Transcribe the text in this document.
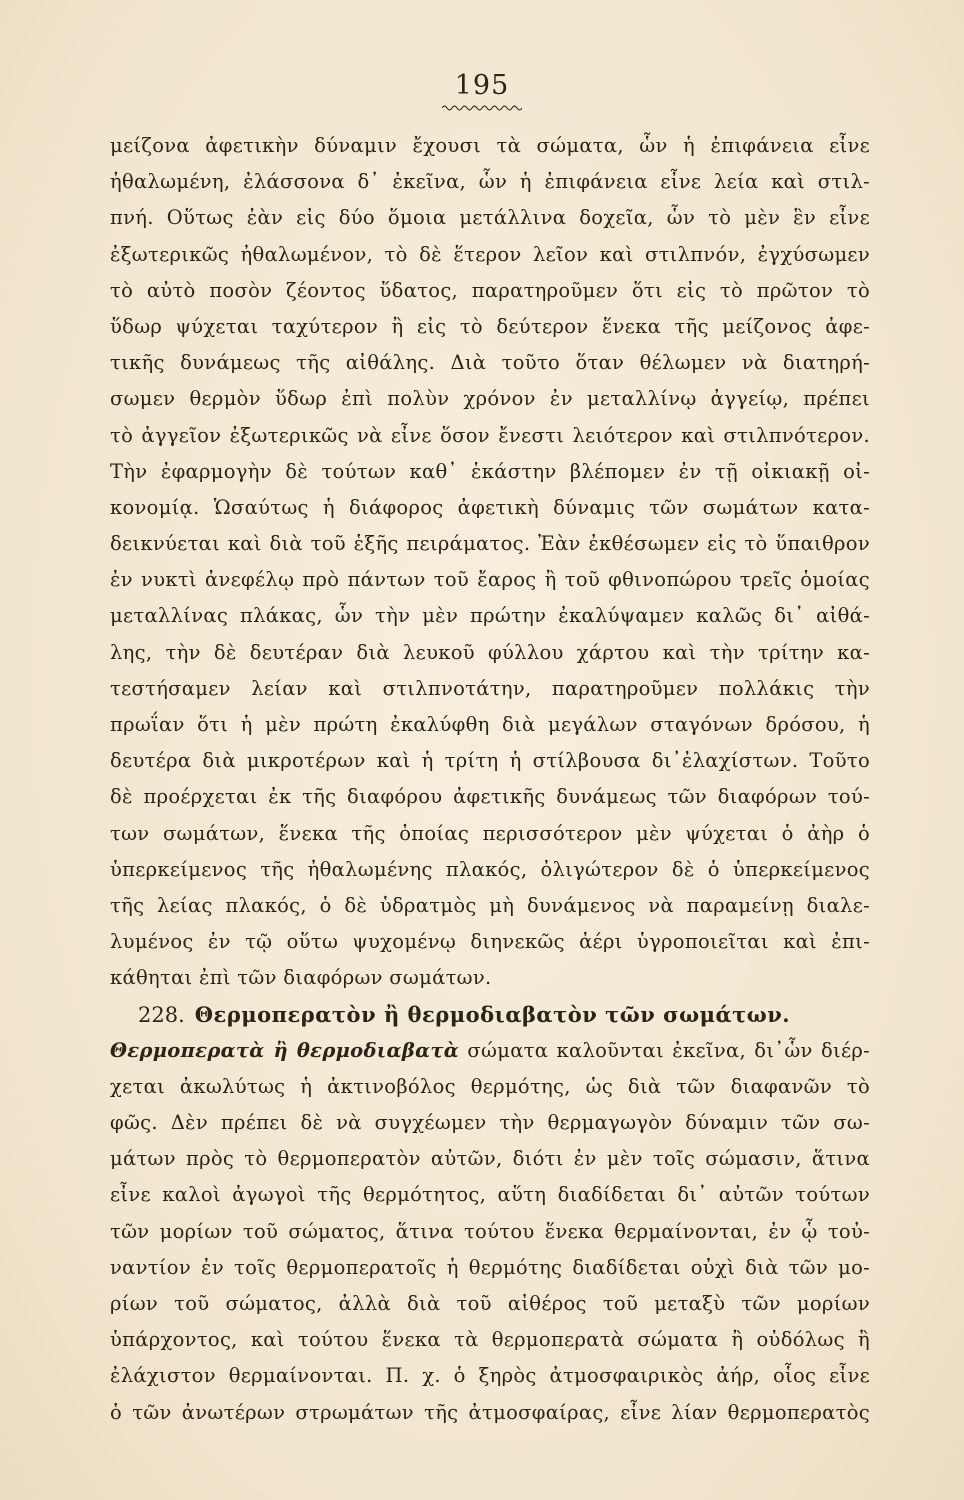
195
μείζονα ἀφετικὴν δύναμιν ἔχουσι τὰ σώματα, ὧν ἡ ἐπιφάνεια εἶνε
ἠθαλωμένη, ἐλάσσονα δ᾽ ἐκεῖνα, ὧν ἡ ἐπιφάνεια εἶνε λεία καὶ στιλ-
πνή. Οὕτως ἐὰν εἰς δύο ὅμοια μετάλλινα δοχεῖα, ὧν τὸ μὲν ἓν εἶνε
ἐξωτερικῶς ἠθαλωμένον, τὸ δὲ ἕτερον λεῖον καὶ στιλπνόν, ἐγχύσωμεν
τὸ αὐτὸ ποσὸν ζέοντος ὕδατος, παρατηροῦμεν ὅτι εἰς τὸ πρῶτον τὸ
ὕδωρ ψύχεται ταχύτερον ἢ εἰς τὸ δεύτερον ἕνεκα τῆς μείζονος ἀφε-
τικῆς δυνάμεως τῆς αἰθάλης. Διὰ τοῦτο ὅταν θέλωμεν νὰ διατηρή-
σωμεν θερμὸν ὕδωρ ἐπὶ πολὺν χρόνον ἐν μεταλλίνῳ ἀγγείῳ, πρέπει
τὸ ἀγγεῖον ἐξωτερικῶς νὰ εἶνε ὅσον ἔνεστι λειότερον καὶ στιλπνότερον.
Τὴν ἐφαρμογὴν δὲ τούτων καθ᾽ ἑκάστην βλέπομεν ἐν τῇ οἰκιακῇ οἰ-
κονομίᾳ. Ὡσαύτως ἡ διάφορος ἀφετικὴ δύναμις τῶν σωμάτων κατα-
δεικνύεται καὶ διὰ τοῦ ἑξῆς πειράματος. Ἐὰν ἐκθέσωμεν εἰς τὸ ὕπαιθρον
ἐν νυκτὶ ἀνεφέλῳ πρὸ πάντων τοῦ ἔαρος ἢ τοῦ φθινοπώρου τρεῖς ὁμοίας
μεταλλίνας πλάκας, ὧν τὴν μὲν πρώτην ἐκαλύψαμεν καλῶς δι᾽ αἰθά-
λης, τὴν δὲ δευτέραν διὰ λευκοῦ φύλλου χάρτου καὶ τὴν τρίτην κα-
τεστήσαμεν λείαν καὶ στιλπνοτάτην, παρατηροῦμεν πολλάκις τὴν
πρωΐαν ὅτι ἡ μὲν πρώτη ἐκαλύφθη διὰ μεγάλων σταγόνων δρόσου, ἡ
δευτέρα διὰ μικροτέρων καὶ ἡ τρίτη ἡ στίλβουσα δι᾽ἐλαχίστων. Τοῦτο
δὲ προέρχεται ἐκ τῆς διαφόρου ἀφετικῆς δυνάμεως τῶν διαφόρων τού-
των σωμάτων, ἕνεκα τῆς ὁποίας περισσότερον μὲν ψύχεται ὁ ἀὴρ ὁ
ὑπερκείμενος τῆς ἠθαλωμένης πλακός, ὀλιγώτερον δὲ ὁ ὑπερκείμενος
τῆς λείας πλακός, ὁ δὲ ὑδρατμὸς μὴ δυνάμενος νὰ παραμείνῃ διαλε-
λυμένος ἐν τῷ οὕτω ψυχομένῳ διηνεκῶς ἀέρι ὑγροποιεῖται καὶ ἐπι-
κάθηται ἐπὶ τῶν διαφόρων σωμάτων.
228. Θερμοπερατὸν ἢ θερμοδιαβατὸν τῶν σωμάτων.
Θερμοπερατὰ ἢ θερμοδιαβατὰ σώματα καλοῦνται ἐκεῖνα, δι᾽ὧν διέρ-
χεται ἀκωλύτως ἡ ἀκτινοβόλος θερμότης, ὡς διὰ τῶν διαφανῶν τὸ
φῶς. Δὲν πρέπει δὲ νὰ συγχέωμεν τὴν θερμαγωγὸν δύναμιν τῶν σω-
μάτων πρὸς τὸ θερμοπερατὸν αὐτῶν, διότι ἐν μὲν τοῖς σώμασιν, ἅτινα
εἶνε καλοὶ ἀγωγοὶ τῆς θερμότητος, αὕτη διαδίδεται δι᾽ αὐτῶν τούτων
τῶν μορίων τοῦ σώματος, ἅτινα τούτου ἕνεκα θερμαίνονται, ἐν ᾧ τοὐ-
ναντίον ἐν τοῖς θερμοπερατοῖς ἡ θερμότης διαδίδεται οὐχὶ διὰ τῶν μο-
ρίων τοῦ σώματος, ἀλλὰ διὰ τοῦ αἰθέρος τοῦ μεταξὺ τῶν μορίων
ὑπάρχοντος, καὶ τούτου ἕνεκα τὰ θερμοπερατὰ σώματα ἢ οὐδόλως ἢ
ἐλάχιστον θερμαίνονται. Π. χ. ὁ ξηρὸς ἀτμοσφαιρικὸς ἀήρ, οἷος εἶνε
ὁ τῶν ἀνωτέρων στρωμάτων τῆς ἀτμοσφαίρας, εἶνε λίαν θερμοπερατὸς
